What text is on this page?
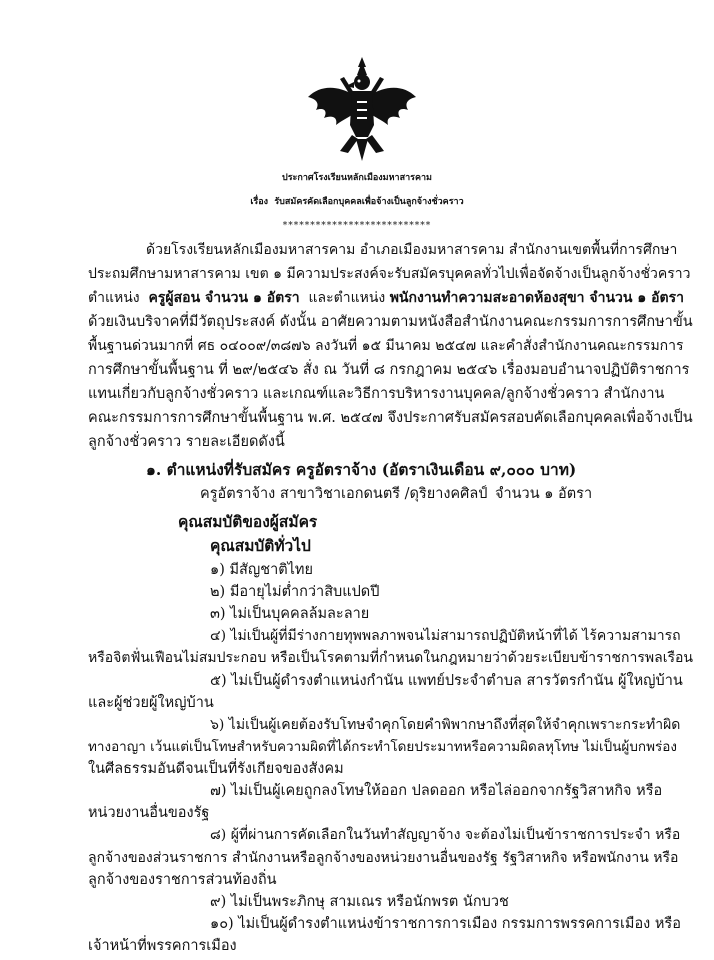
ประกาศโรงเรียนหลักเมืองมหาสารคาม
เรื่อง รับสมัครคัดเลือกบุคคลเพื่อจ้างเป็นลูกจ้างชั่วคราว
***************************
ด้วยโรงเรียนหลักเมืองมหาสารคาม อำเภอเมืองมหาสารคาม สำนักงานเขตพื้นที่การศึกษา
ประถมศึกษามหาสารคาม เขต ๑ มีความประสงค์จะรับสมัครบุคคลทั่วไปเพื่อจัดจ้างเป็นลูกจ้างชั่วคราว
ตำแหน่ง ครูผู้สอน จำนวน ๑ อัตรา และตำแหน่ง พนักงานทำความสะอาดห้องสุขา จำนวน ๑ อัตรา
ด้วยเงินบริจาคที่มีวัตถุประสงค์ ดังนั้น อาศัยความตามหนังสือสำนักงานคณะกรรมการการศึกษาขั้น
พื้นฐานด่วนมากที่ ศธ ๐๔๐๐๙/๓๘๗๖ ลงวันที่ ๑๕ มีนาคม ๒๕๔๗ และคำสั่งสำนักงานคณะกรรมการ
การศึกษาขั้นพื้นฐาน ที่ ๒๙/๒๕๔๖ สั่ง ณ วันที่ ๘ กรกฎาคม ๒๕๔๖ เรื่องมอบอำนาจปฏิบัติราชการ
แทนเกี่ยวกับลูกจ้างชั่วคราว และเกณฑ์และวิธีการบริหารงานบุคคล/ลูกจ้างชั่วคราว สำนักงาน
คณะกรรมการการศึกษาขั้นพื้นฐาน พ.ศ. ๒๕๔๗ จึงประกาศรับสมัครสอบคัดเลือกบุคคลเพื่อจ้างเป็น
ลูกจ้างชั่วคราว รายละเอียดดังนี้
๑. ตำแหน่งที่รับสมัคร ครูอัตราจ้าง (อัตราเงินเดือน ๙,๐๐๐ บาท)
ครูอัตราจ้าง สาขาวิชาเอกดนตรี /ดุริยางคศิลป์ จำนวน ๑ อัตรา
คุณสมบัติของผู้สมัคร
คุณสมบัติทั่วไป
๑) มีสัญชาติไทย
๒) มีอายุไม่ต่ำกว่าสิบแปดปี
๓) ไม่เป็นบุคคลล้มละลาย
๔) ไม่เป็นผู้ที่มีร่างกายทุพพลภาพจนไม่สามารถปฏิบัติหน้าที่ได้ ไร้ความสามารถ
หรือจิตฟั่นเฟือนไม่สมประกอบ หรือเป็นโรคตามที่กำหนดในกฎหมายว่าด้วยระเบียบข้าราชการพลเรือน
๕) ไม่เป็นผู้ดำรงตำแหน่งกำนัน แพทย์ประจำตำบล สารวัตรกำนัน ผู้ใหญ่บ้าน
และผู้ช่วยผู้ใหญ่บ้าน
๖) ไม่เป็นผู้เคยต้องรับโทษจำคุกโดยคำพิพากษาถึงที่สุดให้จำคุกเพราะกระทำผิด
ทางอาญา เว้นแต่เป็นโทษสำหรับความผิดที่ได้กระทำโดยประมาทหรือความผิดลหุโทษ ไม่เป็นผู้บกพร่อง
ในศีลธรรมอันดีจนเป็นที่รังเกียจของสังคม
๗) ไม่เป็นผู้เคยถูกลงโทษให้ออก ปลดออก หรือไล่ออกจากรัฐวิสาหกิจ หรือ
หน่วยงานอื่นของรัฐ
๘) ผู้ที่ผ่านการคัดเลือกในวันทำสัญญาจ้าง จะต้องไม่เป็นข้าราชการประจำ หรือ
ลูกจ้างของส่วนราชการ สำนักงานหรือลูกจ้างของหน่วยงานอื่นของรัฐ รัฐวิสาหกิจ หรือพนักงาน หรือ
ลูกจ้างของราชการส่วนท้องถิ่น
๙) ไม่เป็นพระภิกษุ สามเณร หรือนักพรต นักบวช
๑๐) ไม่เป็นผู้ดำรงตำแหน่งข้าราชการการเมือง กรรมการพรรคการเมือง หรือ
เจ้าหน้าที่พรรคการเมือง
